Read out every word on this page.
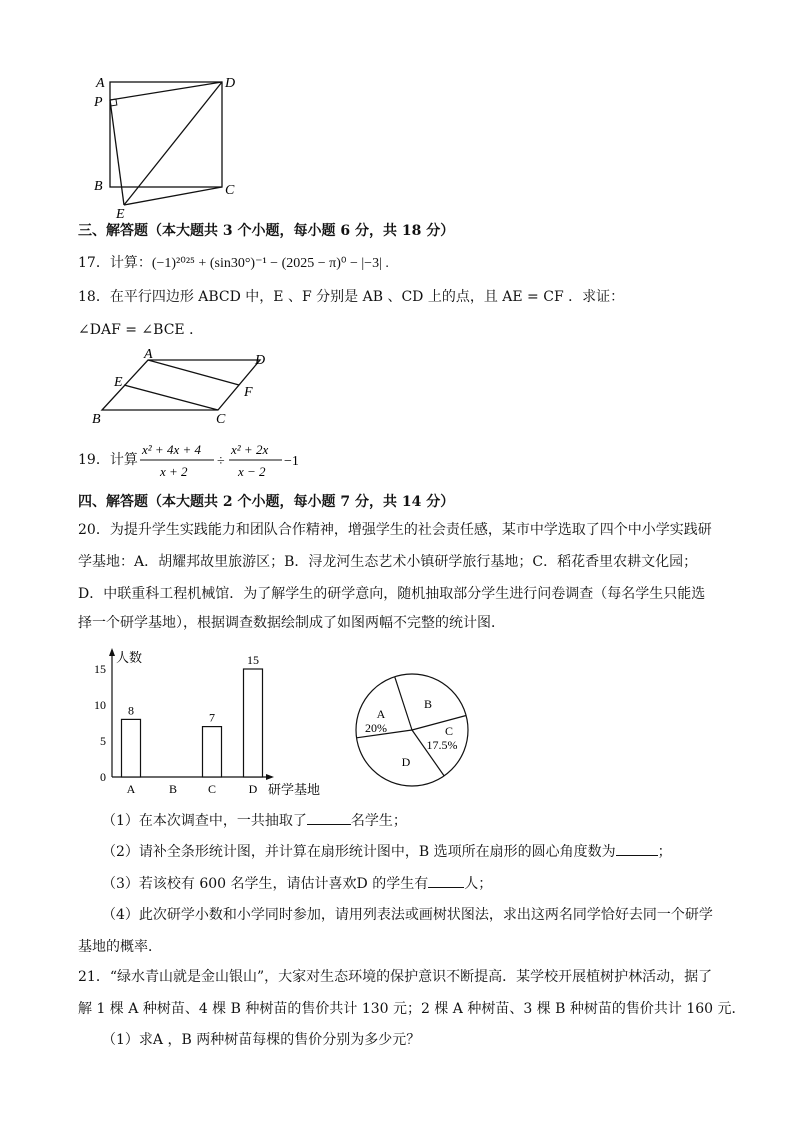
A
P
D
B	C
E
三、解答题（本大题共 3 个小题，每小题 6 分，共 18 分）
17．计算：(−1)²⁰²⁵ + (sin30°)⁻¹ − (2025 − π)⁰ − |−3| .
18．在平行四边形 ABCD 中，E 、F 分别是 AB 、CD 上的点，且 AE = CF ．求证：
∠DAF = ∠BCE ．
A	D
E
F
B	C
19．计算
x² + 4x + 4
x + 2
÷
x² + 2x
x − 2
−1
四、解答题（本大题共 2 个小题，每小题 7 分，共 14 分）
20．为提升学生实践能力和团队合作精神，增强学生的社会责任感，某市中学选取了四个中小学实践研
学基地：A．胡耀邦故里旅游区；B．浔龙河生态艺术小镇研学旅行基地；C．稻花香里农耕文化园；
D．中联重科工程机械馆．为了解学生的研学意向，随机抽取部分学生进行问卷调查（每名学生只能选
择一个研学基地），根据调查数据绘制成了如图两幅不完整的统计图．
人数
研学基地
0
5
10
15
8
A	B
7
C
15
D
A
20%
B
C
17.5%
D
（1）在本次调查中，一共抽取了	名学生；
（2）请补全条形统计图，并计算在扇形统计图中，B 选项所在扇形的圆心角度数为	；
（3）若该校有 600 名学生，请估计喜欢D 的学生有	人；
（4）此次研学小数和小学同时参加，请用列表法或画树状图法，求出这两名同学恰好去同一个研学
基地的概率．
21．“绿水青山就是金山银山”，大家对生态环境的保护意识不断提高．某学校开展植树护林活动，据了
解 1 棵 A 种树苗、4 棵 B 种树苗的售价共计 130 元；2 棵 A 种树苗、3 棵 B 种树苗的售价共计 160 元．
（1）求A ，B 两种树苗每棵的售价分别为多少元？
